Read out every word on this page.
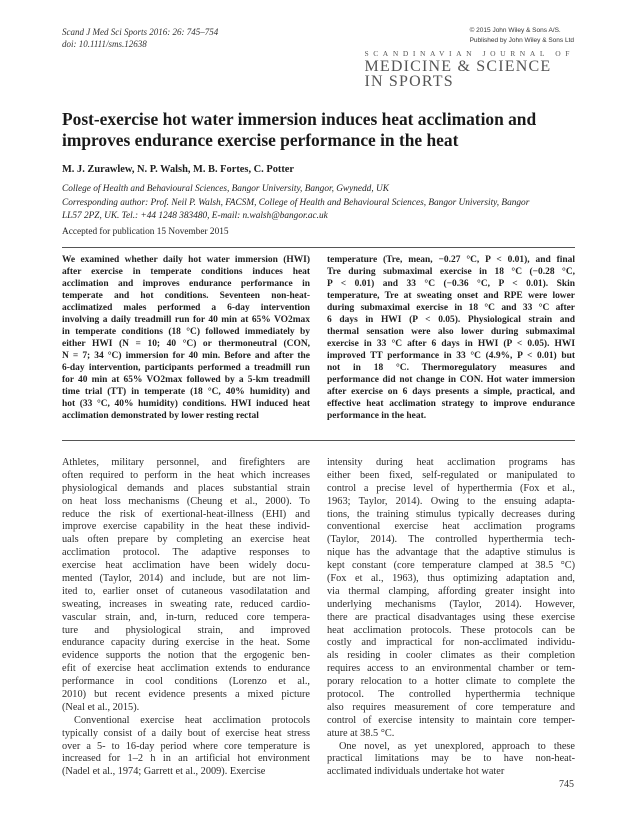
Scand J Med Sci Sports 2016: 26: 745–754
doi: 10.1111/sms.12638
© 2015 John Wiley & Sons A/S.
Published by John Wiley & Sons Ltd
SCANDINAVIAN JOURNAL OF
MEDICINE & SCIENCE
IN SPORTS
Post-exercise hot water immersion induces heat acclimation and
improves endurance exercise performance in the heat
M. J. Zurawlew, N. P. Walsh, M. B. Fortes, C. Potter
College of Health and Behavioural Sciences, Bangor University, Bangor, Gwynedd, UK
Corresponding author: Prof. Neil P. Walsh, FACSM, College of Health and Behavioural Sciences, Bangor University, Bangor
LL57 2PZ, UK. Tel.: +44 1248 383480, E-mail: n.walsh@bangor.ac.uk
Accepted for publication 15 November 2015
We examined whether daily hot water immersion (HWI)
after exercise in temperate conditions induces heat
acclimation and improves endurance performance in
temperate and hot conditions. Seventeen non-heat-
acclimatized males performed a 6-day intervention
involving a daily treadmill run for 40 min at 65% VO2max
in temperate conditions (18 °C) followed immediately by
either HWI (N = 10; 40 °C) or thermoneutral (CON,
N = 7; 34 °C) immersion for 40 min. Before and after the
6-day intervention, participants performed a treadmill run
for 40 min at 65% VO2max followed by a 5-km treadmill
time trial (TT) in temperate (18 °C, 40% humidity) and
hot (33 °C, 40% humidity) conditions. HWI induced heat
acclimation demonstrated by lower resting rectal
temperature (Tre, mean, −0.27 °C, P < 0.01), and final
Tre during submaximal exercise in 18 °C (−0.28 °C,
P < 0.01) and 33 °C (−0.36 °C, P < 0.01). Skin
temperature, Tre at sweating onset and RPE were lower
during submaximal exercise in 18 °C and 33 °C after
6 days in HWI (P < 0.05). Physiological strain and
thermal sensation were also lower during submaximal
exercise in 33 °C after 6 days in HWI (P < 0.05). HWI
improved TT performance in 33 °C (4.9%, P < 0.01) but
not in 18 °C. Thermoregulatory measures and
performance did not change in CON. Hot water immersion
after exercise on 6 days presents a simple, practical, and
effective heat acclimation strategy to improve endurance
performance in the heat.
Athletes, military personnel, and firefighters are
often required to perform in the heat which increases
physiological demands and places substantial strain
on heat loss mechanisms (Cheung et al., 2000). To
reduce the risk of exertional-heat-illness (EHI) and
improve exercise capability in the heat these individ-
uals often prepare by completing an exercise heat
acclimation protocol. The adaptive responses to
exercise heat acclimation have been widely docu-
mented (Taylor, 2014) and include, but are not lim-
ited to, earlier onset of cutaneous vasodilatation and
sweating, increases in sweating rate, reduced cardio-
vascular strain, and, in-turn, reduced core tempera-
ture and physiological strain, and improved
endurance capacity during exercise in the heat. Some
evidence supports the notion that the ergogenic ben-
efit of exercise heat acclimation extends to endurance
performance in cool conditions (Lorenzo et al.,
2010) but recent evidence presents a mixed picture
(Neal et al., 2015).
Conventional exercise heat acclimation protocols
typically consist of a daily bout of exercise heat stress
over a 5- to 16-day period where core temperature is
increased for 1–2 h in an artificial hot environment
(Nadel et al., 1974; Garrett et al., 2009). Exercise
intensity during heat acclimation programs has
either been fixed, self-regulated or manipulated to
control a precise level of hyperthermia (Fox et al.,
1963; Taylor, 2014). Owing to the ensuing adapta-
tions, the training stimulus typically decreases during
conventional exercise heat acclimation programs
(Taylor, 2014). The controlled hyperthermia tech-
nique has the advantage that the adaptive stimulus is
kept constant (core temperature clamped at 38.5 °C)
(Fox et al., 1963), thus optimizing adaptation and,
via thermal clamping, affording greater insight into
underlying mechanisms (Taylor, 2014). However,
there are practical disadvantages using these exercise
heat acclimation protocols. These protocols can be
costly and impractical for non-acclimated individu-
als residing in cooler climates as their completion
requires access to an environmental chamber or tem-
porary relocation to a hotter climate to complete the
protocol. The controlled hyperthermia technique
also requires measurement of core temperature and
control of exercise intensity to maintain core temper-
ature at 38.5 °C.
One novel, as yet unexplored, approach to these
practical limitations may be to have non-heat-
acclimated individuals undertake hot water
745
